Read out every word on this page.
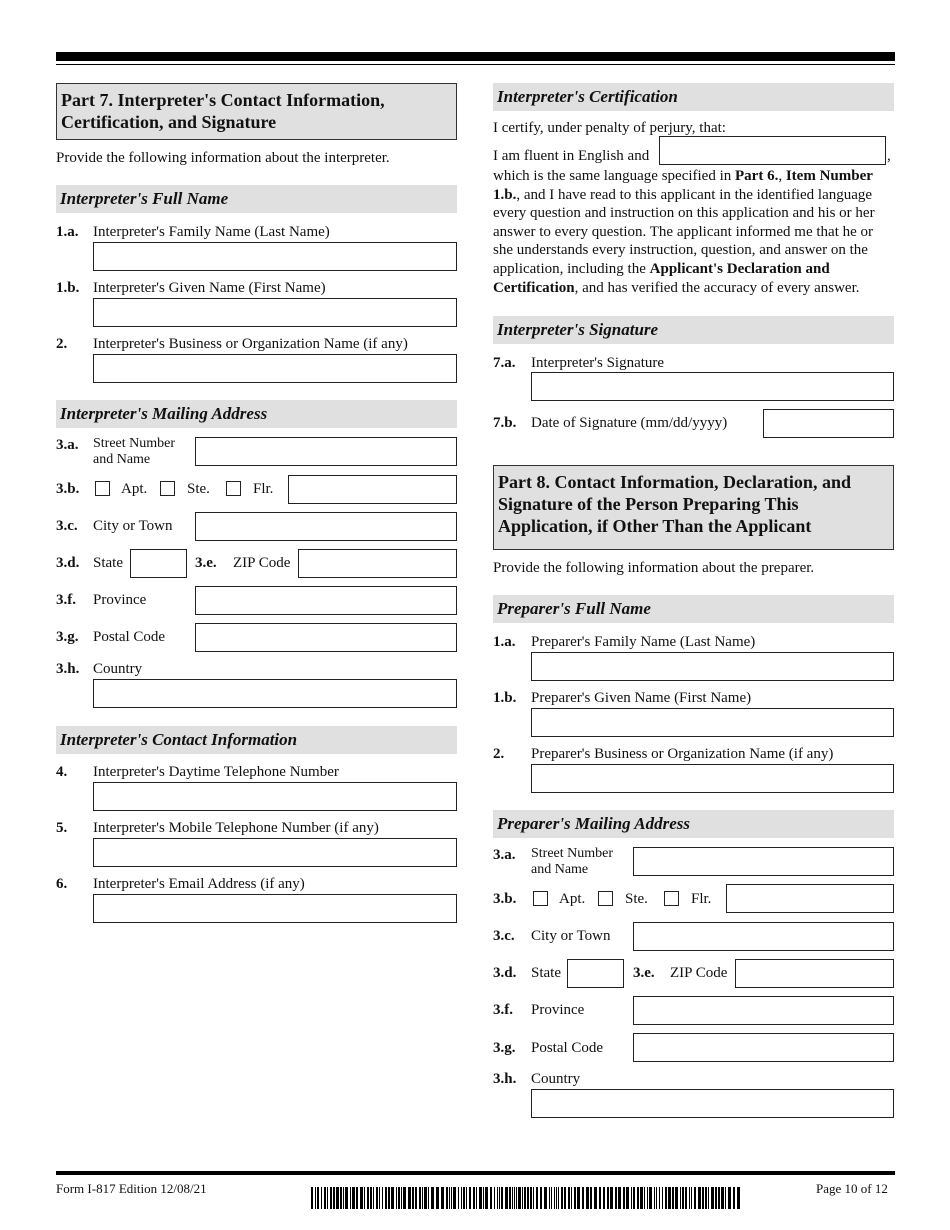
Part 7. Interpreter's Contact Information, Certification, and Signature
Provide the following information about the interpreter.
Interpreter's Full Name
1.a. Interpreter's Family Name (Last Name)
1.b. Interpreter's Given Name (First Name)
2. Interpreter's Business or Organization Name (if any)
Interpreter's Mailing Address
3.a. Street Number
and Name
3.b.	Apt.	Ste.	Flr.
3.c. City or Town
3.d. State	3.e. ZIP Code
3.f. Province
3.g. Postal Code
3.h. Country
Interpreter's Contact Information
4. Interpreter's Daytime Telephone Number
5. Interpreter's Mobile Telephone Number (if any)
6. Interpreter's Email Address (if any)
Interpreter's Certification
I certify, under penalty of perjury, that:
I am fluent in English and	,
which is the same language specified in Part 6., Item Number 1.b., and I have read to this applicant in the identified language every question and instruction on this application and his or her answer to every question. The applicant informed me that he or she understands every instruction, question, and answer on the application, including the Applicant's Declaration and Certification, and has verified the accuracy of every answer.
Interpreter's Signature
7.a. Interpreter's Signature
7.b. Date of Signature (mm/dd/yyyy)
Part 8. Contact Information, Declaration, and Signature of the Person Preparing This Application, if Other Than the Applicant
Provide the following information about the preparer.
Preparer's Full Name
1.a. Preparer's Family Name (Last Name)
1.b. Preparer's Given Name (First Name)
2. Preparer's Business or Organization Name (if any)
Preparer's Mailing Address
3.a. Street Number
and Name
3.b.	Apt.	Ste.	Flr.
3.c. City or Town
3.d. State	3.e. ZIP Code
3.f. Province
3.g. Postal Code
3.h. Country
Form I-817 Edition 12/08/21	Page 10 of 12
